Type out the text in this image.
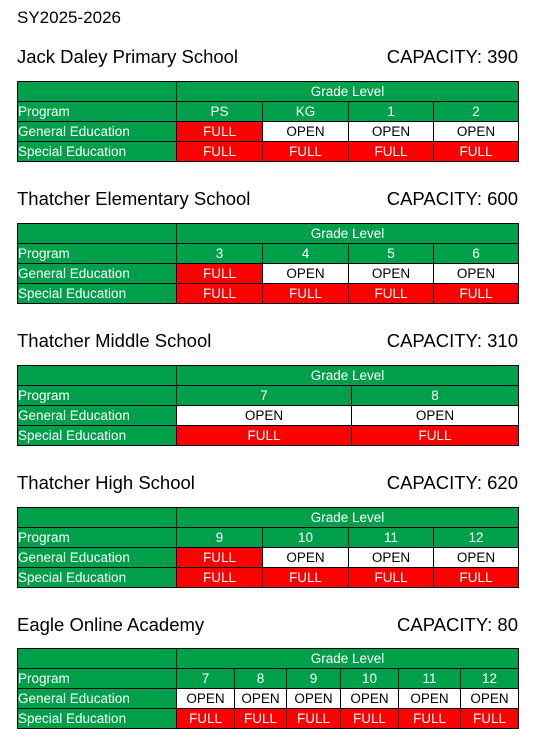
SY2025-2026
Jack Daley Primary School	CAPACITY: 390
	Grade Level			
Program	PS	KG	1	2
General Education	FULL	OPEN	OPEN	OPEN
Special Education	FULL	FULL	FULL	FULL
Thatcher Elementary School	CAPACITY: 600
	Grade Level			
Program	3	4	5	6
General Education	FULL	OPEN	OPEN	OPEN
Special Education	FULL	FULL	FULL	FULL
Thatcher Middle School	CAPACITY: 310
	Grade Level	
Program	7	8
General Education	OPEN	OPEN
Special Education	FULL	FULL
Thatcher High School	CAPACITY: 620
	Grade Level			
Program	9	10	11	12
General Education	FULL	OPEN	OPEN	OPEN
Special Education	FULL	FULL	FULL	FULL
Eagle Online Academy	CAPACITY: 80
	Grade Level					
Program	7	8	9	10	11	12
General Education	OPEN	OPEN	OPEN	OPEN	OPEN	OPEN
Special Education	FULL	FULL	FULL	FULL	FULL	FULL
